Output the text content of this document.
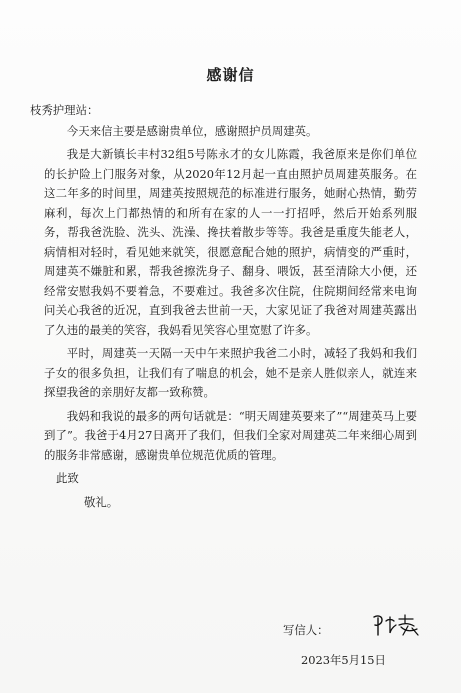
感谢信
枝秀护理站：
今天来信主要是感谢贵单位，感谢照护员周建英。
我是大新镇长丰村32组5号陈永才的女儿陈霞，我爸原来是你们单位的长护险上门服务对象，从2020年12月起一直由照护员周建英服务。在这二年多的时间里，周建英按照规范的标准进行服务，她耐心热情，勤劳麻利，每次上门都热情的和所有在家的人一一打招呼，然后开始系列服务，帮我爸洗脸、洗头、洗澡、搀扶着散步等等。我爸是重度失能老人，病情相对轻时，看见她来就笑，很愿意配合她的照护，病情变的严重时，周建英不嫌脏和累，帮我爸擦洗身子、翻身、喂饭，甚至清除大小便，还经常安慰我妈不要着急，不要难过。我爸多次住院，住院期间经常来电询问关心我爸的近况，直到我爸去世前一天，大家见证了我爸对周建英露出了久违的最美的笑容，我妈看见笑容心里宽慰了许多。
平时，周建英一天隔一天中午来照护我爸二小时，减轻了我妈和我们子女的很多负担，让我们有了喘息的机会，她不是亲人胜似亲人，就连来探望我爸的亲朋好友都一致称赞。
我妈和我说的最多的两句话就是：“明天周建英要来了”“周建英马上要到了”。我爸于4月27日离开了我们，但我们全家对周建英二年来细心周到的服务非常感谢，感谢贵单位规范优质的管理。
此致
敬礼。
写信人：
2023年5月15日
